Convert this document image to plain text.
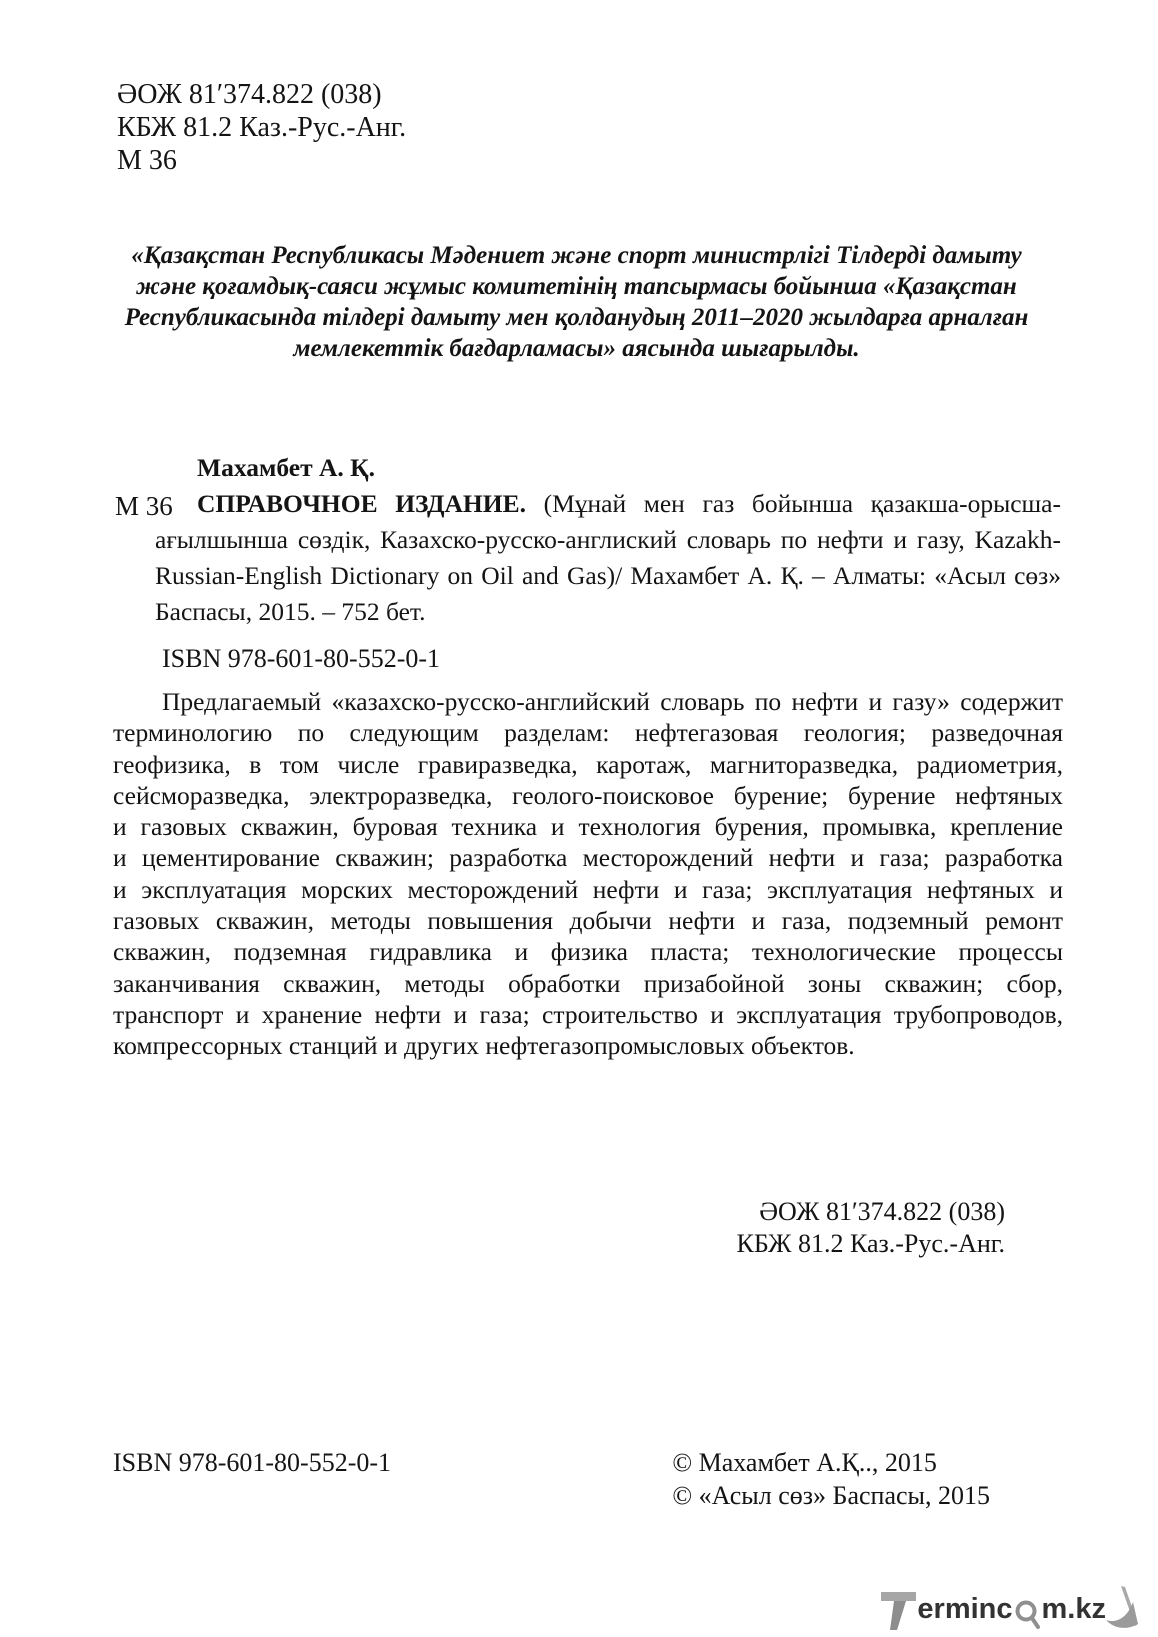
ӘОЖ 81′374.822 (038)
КБЖ 81.2 Каз.-Рус.-Анг.
М 36
«Қазақстан Республикасы Мәдениет және спорт министрлігі Тілдерді дамыту
және қоғамдық-саяси жұмыс комитетінің тапсырмасы бойынша «Қазақстан
Республикасында тілдері дамыту мен қолданудың 2011–2020 жылдарға арналған
мемлекеттік бағдарламасы» аясында шығарылды.
Махамбет А. Қ.
М 36 СПРАВОЧНОЕ ИЗДАНИЕ. (Мұнай мен газ бойынша қазакша-орысша-
ағылшынша сөздік, Казахско-русско-англиский словарь по нефти и газу, Kazakh-
Russian-English Dictionary on Oil and Gas)/ Махамбет А. Қ. – Алматы: «Асыл сөз»
Баспасы, 2015. – 752 бет.
ISBN 978-601-80-552-0-1
Предлагаемый «казахско-русско-английский словарь по нефти и газу» содержит
терминологию по следующим разделам: нефтегазовая геология; разведочная
геофизика, в том числе гравиразведка, каротаж, магниторазведка, радиометрия,
сейсморазведка, электроразведка, геолого-поисковое бурение; бурение нефтяных
и газовых скважин, буровая техника и технология бурения, промывка, крепление
и цементирование скважин; разработка месторождений нефти и газа; разработка
и эксплуатация морских месторождений нефти и газа; эксплуатация нефтяных и
газовых скважин, методы повышения добычи нефти и газа, подземный ремонт
скважин, подземная гидравлика и физика пласта; технологические процессы
заканчивания скважин, методы обработки призабойной зоны скважин; сбор,
транспорт и хранение нефти и газа; строительство и эксплуатация трубопроводов,
компрессорных станций и других нефтегазопромысловых объектов.
ӘОЖ 81′374.822 (038)
КБЖ 81.2 Каз.-Рус.-Анг.
ISBN 978-601-80-552-0-1	© Махамбет А.Қ.., 2015
© «Асыл сөз» Баспасы, 2015
erminc m.kz
